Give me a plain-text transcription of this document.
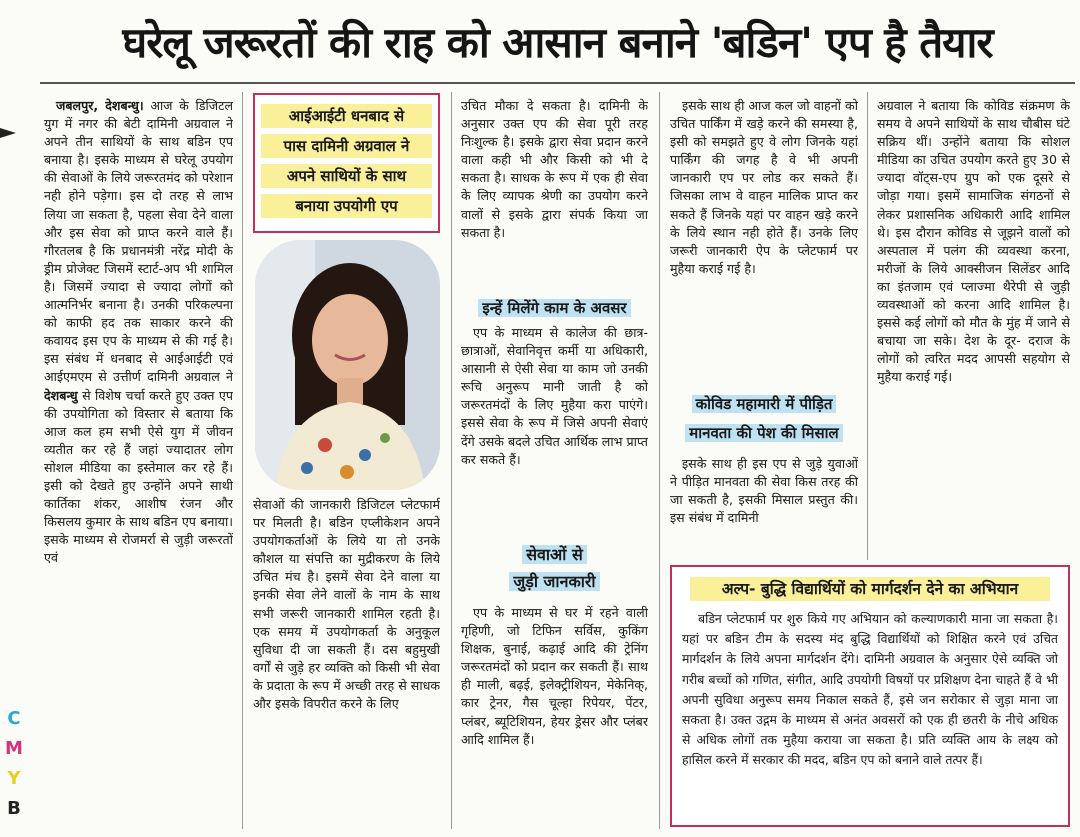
घरेलू जरूरतों की राह को आसान बनाने 'बडिन' एप है तैयार

जबलपुर, देशबन्धु। आज के डिजिटल युग में नगर की बेटी दामिनी अग्रवाल ने अपने तीन साथियों के साथ बडिन एप बनाया है। इसके माध्यम से घरेलू उपयोग की सेवाओं के लिये जरूरतमंद को परेशान नही होने पड़ेगा। इस दो तरह से लाभ लिया जा सकता है, पहला सेवा देने वाला और इस सेवा को प्राप्त करने वाले हैं। गौरतलब है कि प्रधानमंत्री नरेंद्र मोदी के ड्रीम प्रोजेक्ट जिसमें स्टार्ट-अप भी शामिल है। जिसमें ज्यादा से ज्यादा लोगों को आत्मनिर्भर बनाना है। उनकी परिकल्पना को काफी हद तक साकार करने की कवायद इस एप के माध्यम से की गई है। इस संबंध में धनबाद से आईआईटी एवं आईएमएम से उत्तीर्ण दामिनी अग्रवाल ने देशबन्धु से विशेष चर्चा करते हुए उक्त एप की उपयोगिता को विस्तार से बताया कि आज कल हम सभी ऐसे युग में जीवन व्यतीत कर रहे हैं जहां ज्यादातर लोग सोशल मीडिया का इस्तेमाल कर रहे हैं। इसी को देखते हुए उन्होंने अपने साथी कार्तिका शंकर, आशीष रंजन और किसलय कुमार के साथ बडिन एप बनाया। इसके माध्यम से रोजमर्रा से जुड़ी जरूरतों एवं

आईआईटी धनबाद से
पास दामिनी अग्रवाल ने
अपने साथियों के साथ
बनाया उपयोगी एप

सेवाओं की जानकारी डिजिटल प्लेटफार्म पर मिलती है। बडिन एप्लीकेशन अपने उपयोगकर्ताओं के लिये या तो उनके कौशल या संपत्ति का मुद्रीकरण के लिये उचित मंच है। इसमें सेवा देने वाला या इनकी सेवा लेने वालों के नाम के साथ सभी जरूरी जानकारी शामिल रहती है। एक समय में उपयोगकर्ता के अनुकूल सुविधा दी जा सकती हैं। दस बहुमुखी वर्गों से जुड़े हर व्यक्ति को किसी भी सेवा के प्रदाता के रूप में अच्छी तरह से साधक और इसके विपरीत करने के लिए

उचित मौका दे सकता है। दामिनी के अनुसार उक्त एप की सेवा पूरी तरह निःशुल्क है। इसके द्वारा सेवा प्रदान करने वाला कही भी और किसी को भी दे सकता है। साधक के रूप में एक ही सेवा के लिए व्यापक श्रेणी का उपयोग करने वालों से इसके द्वारा संपर्क किया जा सकता है।

इन्हें मिलेंगे काम के अवसर

एप के माध्यम से कालेज की छात्र-छात्राओं, सेवानिवृत्त कर्मी या अधिकारी, आसानी से ऐसी सेवा या काम जो उनकी रूचि अनुरूप मानी जाती है को जरूरतमंदों के लिए मुहैया करा पाएंगे। इससे सेवा के रूप में जिसे अपनी सेवाएं देंगे उसके बदले उचित आर्थिक लाभ प्राप्त कर सकते हैं।

सेवाओं से
जुड़ी जानकारी

एप के माध्यम से घर में रहने वाली गृहिणी, जो टिफिन सर्विस, कुकिंग शिक्षक, बुनाई, कढ़ाई आदि की ट्रेनिंग जरूरतमंदों को प्रदान कर सकती हैं। साथ ही माली, बढ़ई, इलेक्ट्रीशियन, मेकेनिक्, कार ट्रेनर, गैस चूल्हा रिपेयर, पेंटर, प्लंबर, ब्यूटिशियन, हेयर ड्रेसर और प्लंबर आदि शामिल हैं।

इसके साथ ही आज कल जो वाहनों को उचित पार्किंग में खड़े करने की समस्या है, इसी को समझते हुए वे लोग जिनके यहां पार्किंग की जगह है वे भी अपनी जानकारी एप पर लोड कर सकते हैं। जिसका लाभ वे वाहन मालिक प्राप्त कर सकते हैं जिनके यहां पर वाहन खड़े करने के लिये स्थान नही होते हैं। उनके लिए जरूरी जानकारी ऐप के प्लेटफार्म पर मुहैया कराई गई है।

कोविड महामारी में पीड़ित
मानवता की पेश की मिसाल

इसके साथ ही इस एप से जुड़े युवाओं ने पीड़ित मानवता की सेवा किस तरह की जा सकती है, इसकी मिसाल प्रस्तुत की। इस संबंध में दामिनी

अग्रवाल ने बताया कि कोविड संक्रमण के समय वे अपने साथियों के साथ चौबीस घंटे सक्रिय थीं। उन्होंने बताया कि सोशल मीडिया का उचित उपयोग करते हुए 30 से ज्यादा वॉट्स-एप ग्रुप को एक दूसरे से जोड़ा गया। इसमें सामाजिक संगठनों से लेकर प्रशासनिक अधिकारी आदि शामिल थे। इस दौरान कोविड से जूझने वालों को अस्पताल में पलंग की व्यवस्था करना, मरीजों के लिये आक्सीजन सिलेंडर आदि का इंतजाम एवं प्लाज्मा थैरेपी से जुड़ी व्यवस्थाओं को करना आदि शामिल है। इससे कई लोगों को मौत के मुंह में जाने से बचाया जा सके। देश के दूर- दराज के लोगों को त्वरित मदद आपसी सहयोग से मुहैया कराई गई।

अल्प- बुद्धि विद्यार्थियों को मार्गदर्शन देने का अभियान

बडिन प्लेटफार्म पर शुरु किये गए अभियान को कल्याणकारी माना जा सकता है। यहां पर बडिन टीम के सदस्य मंद बुद्धि विद्यार्थियों को शिक्षित करने एवं उचित मार्गदर्शन के लिये अपना मार्गदर्शन देंगे। दामिनी अग्रवाल के अनुसार ऐसे व्यक्ति जो गरीब बच्चों को गणित, संगीत, आदि उपयोगी विषयों पर प्रशिक्षण देना चाहते हैं वे भी अपनी सुविधा अनुरूप समय निकाल सकते हैं, इसे जन सरोकार से जुड़ा माना जा सकता है। उक्त उद्गम के माध्यम से अनंत अवसरों को एक ही छतरी के नीचे अधिक से अधिक लोगों तक मुहैया कराया जा सकता है। प्रति व्यक्ति आय के लक्ष्य को हासिल करने में सरकार की मदद, बडिन एप को बनाने वाले तत्पर हैं।

C
M
Y
B
